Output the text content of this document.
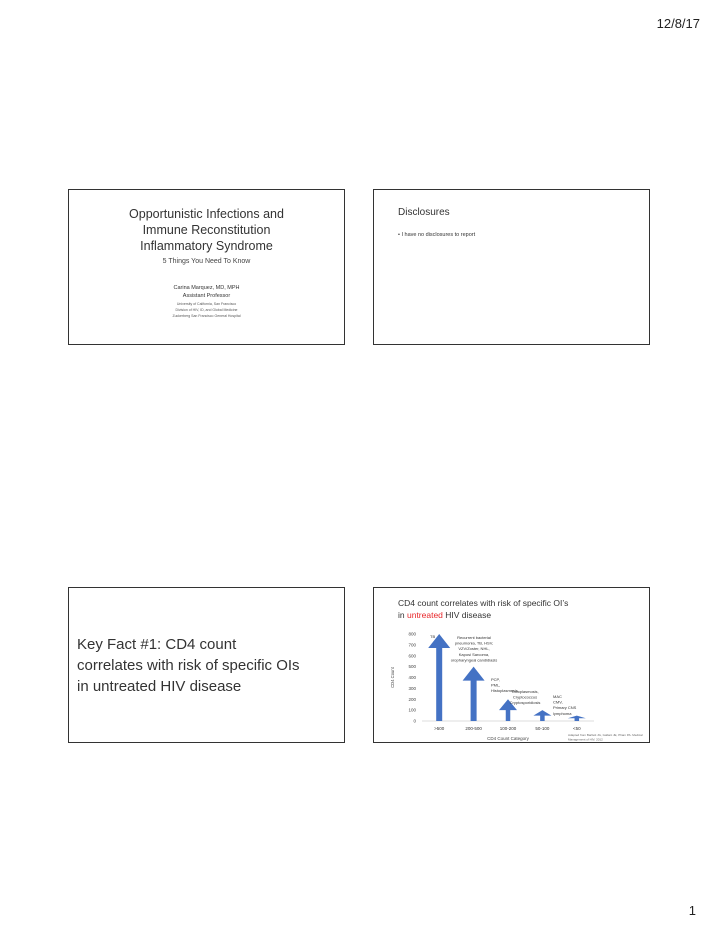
12/8/17
Opportunistic Infections and
Immune Reconstitution
Inflammatory Syndrome
5 Things You Need To Know
Carina Marquez, MD, MPH
Assistant Professor
University of California, San Francisco
Division of HIV, ID, and Global Medicine
Zuckerberg San Francisco General Hospital
Disclosures
• I have no disclosures to report
Key Fact #1: CD4 count
correlates with risk of specific OIs
in untreated HIV disease
CD4 count correlates with risk of specific OI’s
in untreated HIV disease
0
100
200
300
400
500
600
700
800
CD4 Count
>500	200-500	100-200	50-100	<50
TB	Recurrent bacterial
pneumonia, TB, HSV,
VZV/Zoster, NHL,
Kaposi Sarcoma,
oropharyngeal candidiasis
PCP,
PML,
Histoplasmosis,
Toxoplasmosis,
Cryptococcus
Cryptosporidiosis
MAC
CMV,
Primary CNS
lymphoma
CD4 Count Category
Adapted from Bartlett JG, Gallant JE, Pham PA. Medical
Management of HIV, 2012
1
